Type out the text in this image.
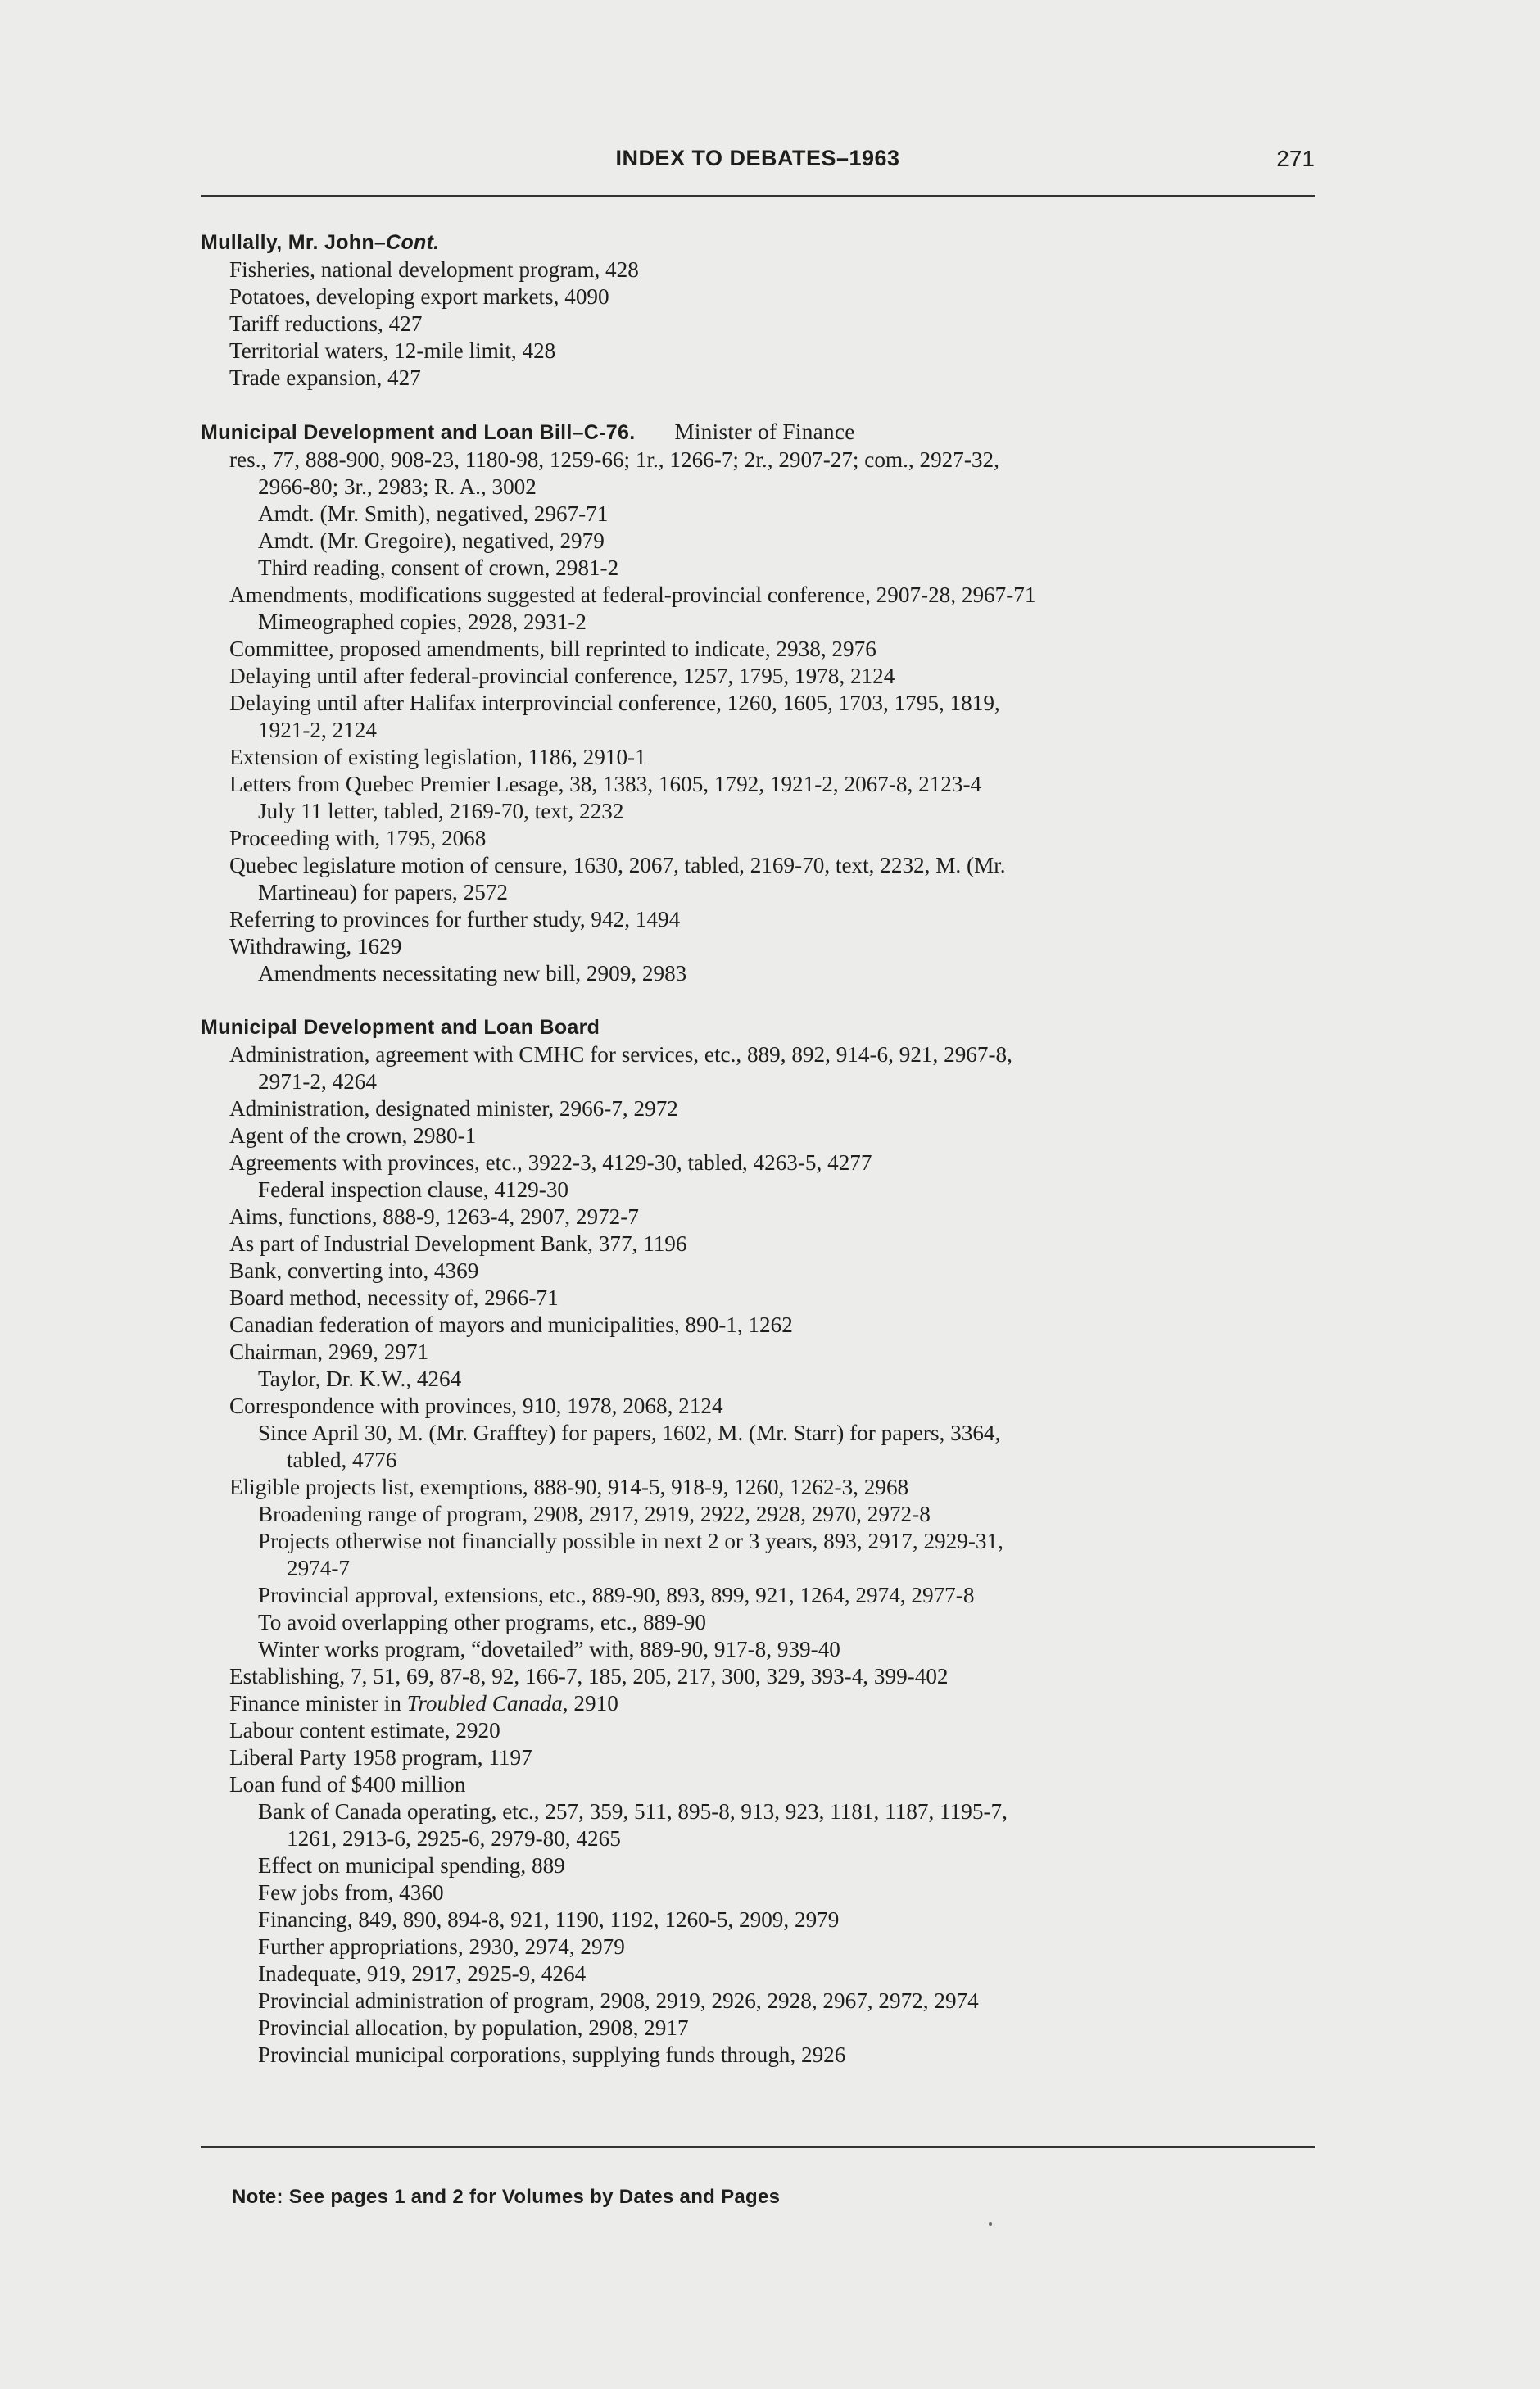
INDEX TO DEBATES–1963	271
Mullally, Mr. John–Cont.
Fisheries, national development program, 428
Potatoes, developing export markets, 4090
Tariff reductions, 427
Territorial waters, 12-mile limit, 428
Trade expansion, 427
Municipal Development and Loan Bill–C-76. Minister of Finance
res., 77, 888-900, 908-23, 1180-98, 1259-66; 1r., 1266-7; 2r., 2907-27; com., 2927-32,
2966-80; 3r., 2983; R. A., 3002
Amdt. (Mr. Smith), negatived, 2967-71
Amdt. (Mr. Gregoire), negatived, 2979
Third reading, consent of crown, 2981-2
Amendments, modifications suggested at federal-provincial conference, 2907-28, 2967-71
Mimeographed copies, 2928, 2931-2
Committee, proposed amendments, bill reprinted to indicate, 2938, 2976
Delaying until after federal-provincial conference, 1257, 1795, 1978, 2124
Delaying until after Halifax interprovincial conference, 1260, 1605, 1703, 1795, 1819,
1921-2, 2124
Extension of existing legislation, 1186, 2910-1
Letters from Quebec Premier Lesage, 38, 1383, 1605, 1792, 1921-2, 2067-8, 2123-4
July 11 letter, tabled, 2169-70, text, 2232
Proceeding with, 1795, 2068
Quebec legislature motion of censure, 1630, 2067, tabled, 2169-70, text, 2232, M. (Mr.
Martineau) for papers, 2572
Referring to provinces for further study, 942, 1494
Withdrawing, 1629
Amendments necessitating new bill, 2909, 2983
Municipal Development and Loan Board
Administration, agreement with CMHC for services, etc., 889, 892, 914-6, 921, 2967-8,
2971-2, 4264
Administration, designated minister, 2966-7, 2972
Agent of the crown, 2980-1
Agreements with provinces, etc., 3922-3, 4129-30, tabled, 4263-5, 4277
Federal inspection clause, 4129-30
Aims, functions, 888-9, 1263-4, 2907, 2972-7
As part of Industrial Development Bank, 377, 1196
Bank, converting into, 4369
Board method, necessity of, 2966-71
Canadian federation of mayors and municipalities, 890-1, 1262
Chairman, 2969, 2971
Taylor, Dr. K.W., 4264
Correspondence with provinces, 910, 1978, 2068, 2124
Since April 30, M. (Mr. Grafftey) for papers, 1602, M. (Mr. Starr) for papers, 3364,
tabled, 4776
Eligible projects list, exemptions, 888-90, 914-5, 918-9, 1260, 1262-3, 2968
Broadening range of program, 2908, 2917, 2919, 2922, 2928, 2970, 2972-8
Projects otherwise not financially possible in next 2 or 3 years, 893, 2917, 2929-31,
2974-7
Provincial approval, extensions, etc., 889-90, 893, 899, 921, 1264, 2974, 2977-8
To avoid overlapping other programs, etc., 889-90
Winter works program, “dovetailed” with, 889-90, 917-8, 939-40
Establishing, 7, 51, 69, 87-8, 92, 166-7, 185, 205, 217, 300, 329, 393-4, 399-402
Finance minister in Troubled Canada, 2910
Labour content estimate, 2920
Liberal Party 1958 program, 1197
Loan fund of $400 million
Bank of Canada operating, etc., 257, 359, 511, 895-8, 913, 923, 1181, 1187, 1195-7,
1261, 2913-6, 2925-6, 2979-80, 4265
Effect on municipal spending, 889
Few jobs from, 4360
Financing, 849, 890, 894-8, 921, 1190, 1192, 1260-5, 2909, 2979
Further appropriations, 2930, 2974, 2979
Inadequate, 919, 2917, 2925-9, 4264
Provincial administration of program, 2908, 2919, 2926, 2928, 2967, 2972, 2974
Provincial allocation, by population, 2908, 2917
Provincial municipal corporations, supplying funds through, 2926
Note: See pages 1 and 2 for Volumes by Dates and Pages
